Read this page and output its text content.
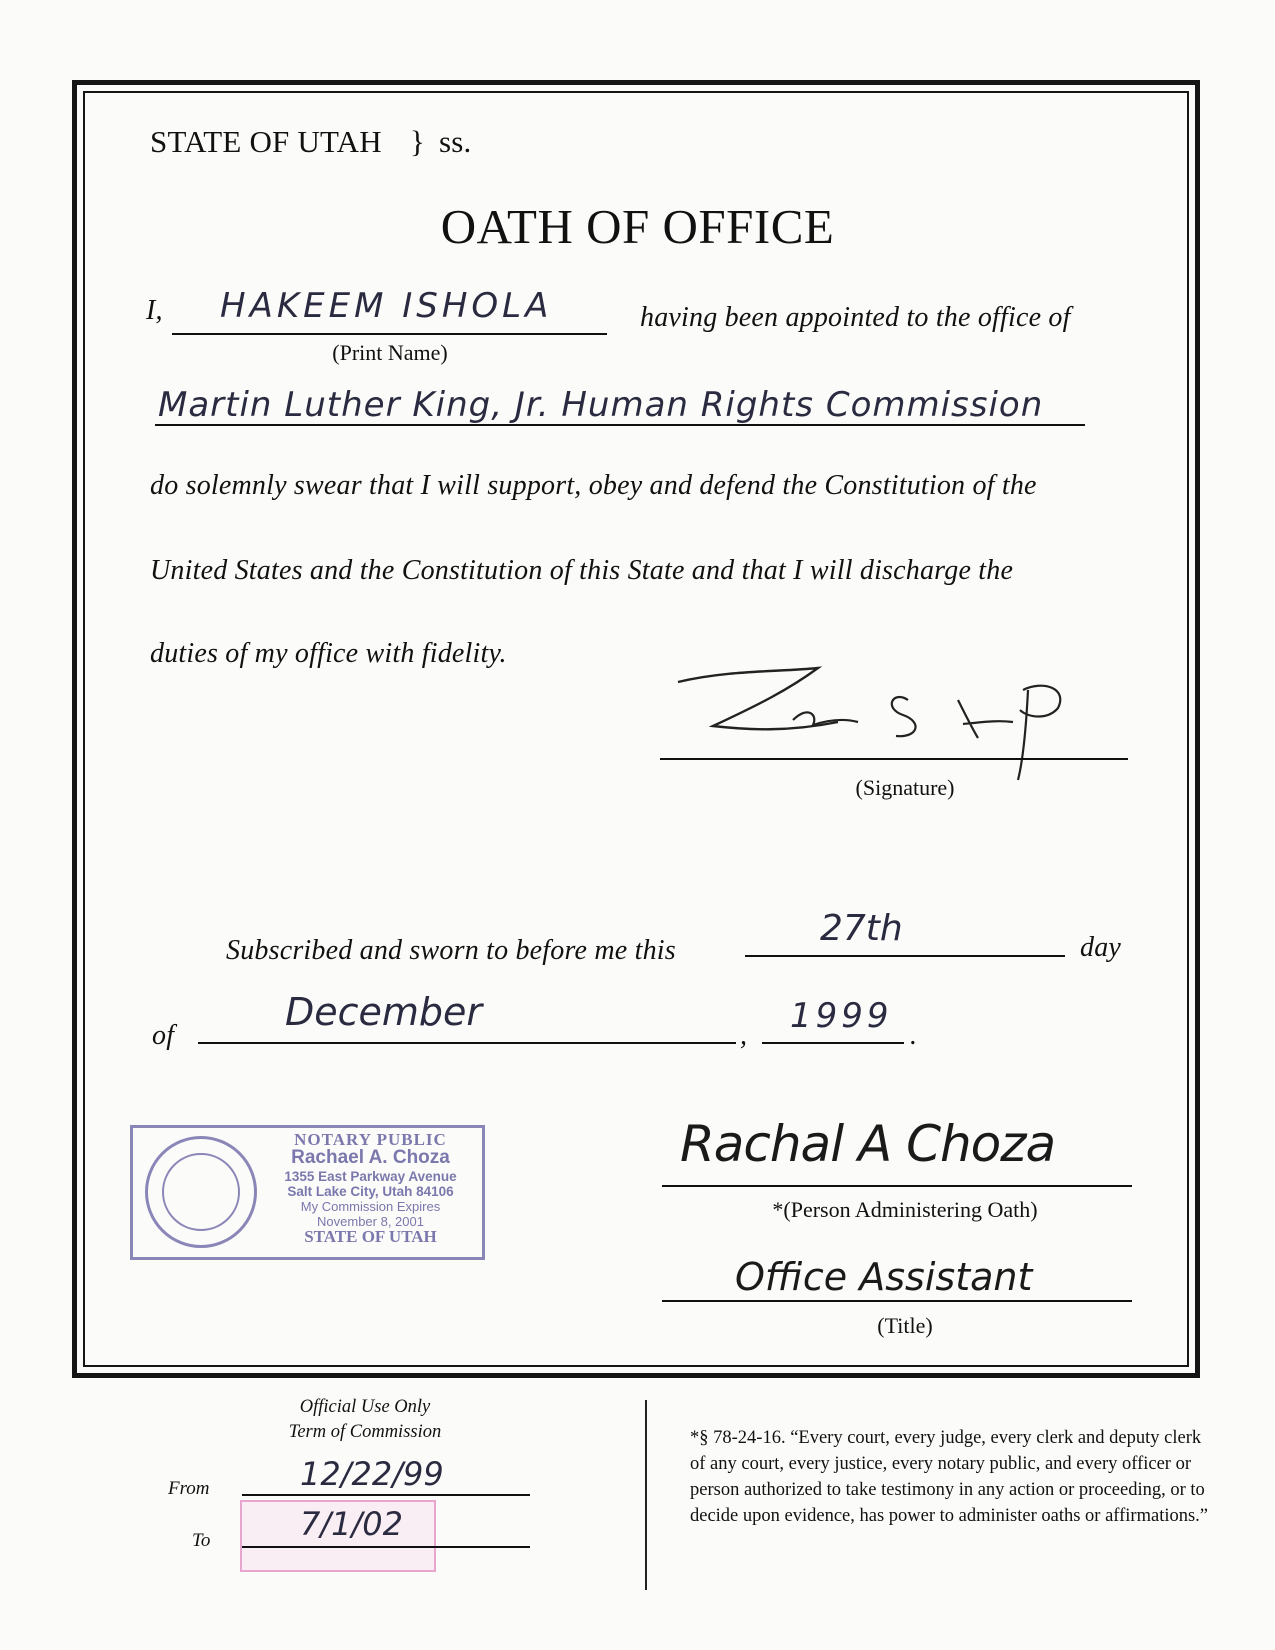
STATE OF UTAH } ss.
OATH OF OFFICE
I, HAKEEM ISHOLA	having been appointed to the office of
(Print Name)
Martin Luther King, Jr. Human Rights Commission
do solemnly swear that I will support, obey and defend the Constitution of the
United States and the Constitution of this State and that I will discharge the
duties of my office with fidelity.
(Signature)
Subscribed and sworn to before me this
27th	day
of
December
, 1999 .
NOTARY PUBLIC
Rachael A. Choza
1355 East Parkway Avenue
Salt Lake City, Utah 84106
My Commission Expires
November 8, 2001
STATE OF UTAH
Rachal A Choza
*(Person Administering Oath)
Office Assistant
(Title)
Official Use Only
Term of Commission
From	12/22/99
To	7/1/02
*§ 78-24-16. “Every court, every judge, every clerk and deputy clerk of any court, every justice, every notary public, and every officer or person authorized to take testimony in any action or proceeding, or to decide upon evidence, has power to administer oaths or affirmations.”
